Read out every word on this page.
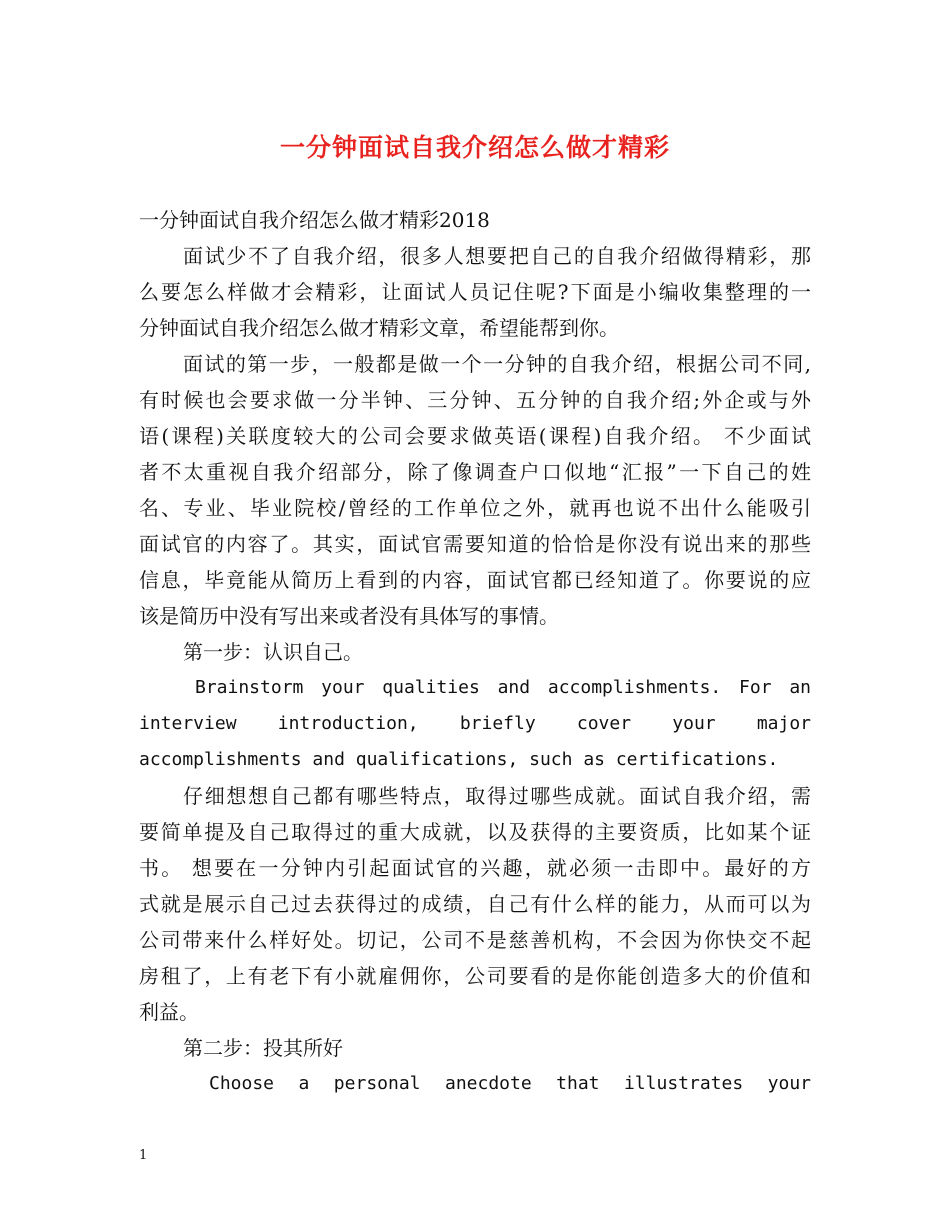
一分钟面试自我介绍怎么做才精彩
一分钟面试自我介绍怎么做才精彩2018
面试少不了自我介绍，很多人想要把自己的自我介绍做得精彩，那
么要怎么样做才会精彩，让面试人员记住呢?下面是小编收集整理的一
分钟面试自我介绍怎么做才精彩文章，希望能帮到你。
面试的第一步，一般都是做一个一分钟的自我介绍，根据公司不同,
有时候也会要求做一分半钟、三分钟、五分钟的自我介绍;外企或与外
语(课程)关联度较大的公司会要求做英语(课程)自我介绍。 不少面试
者不太重视自我介绍部分，除了像调查户口似地“汇报”一下自己的姓
名、专业、毕业院校/曾经的工作单位之外，就再也说不出什么能吸引
面试官的内容了。其实，面试官需要知道的恰恰是你没有说出来的那些
信息，毕竟能从简历上看到的内容，面试官都已经知道了。你要说的应
该是简历中没有写出来或者没有具体写的事情。
第一步：认识自己。
Brainstorm your qualities and accomplishments. For an
interview introduction, briefly cover your major
accomplishments and qualifications, such as certifications.
仔细想想自己都有哪些特点，取得过哪些成就。面试自我介绍，需
要简单提及自己取得过的重大成就，以及获得的主要资质，比如某个证
书。 想要在一分钟内引起面试官的兴趣，就必须一击即中。最好的方
式就是展示自己过去获得过的成绩，自己有什么样的能力，从而可以为
公司带来什么样好处。切记，公司不是慈善机构，不会因为你快交不起
房租了，上有老下有小就雇佣你，公司要看的是你能创造多大的价值和
利益。
第二步：投其所好
Choose a personal anecdote that illustrates your
1
